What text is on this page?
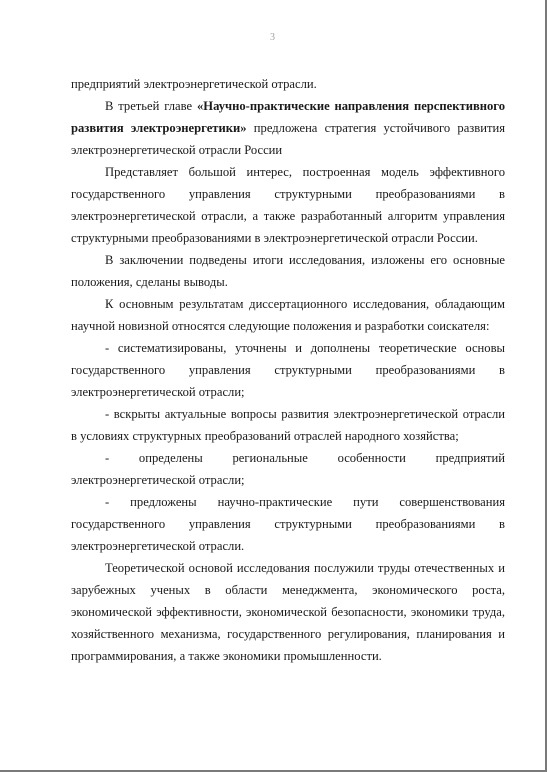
3

предприятий электроэнергетической отрасли.

В третьей главе «Научно-практические направления перспективного развития электроэнергетики» предложена стратегия устойчивого развития электроэнергетической отрасли России

Представляет большой интерес, построенная модель эффективного государственного управления структурными преобразованиями в электроэнергетической отрасли, а также разработанный алгоритм управления структурными преобразованиями в электроэнергетической отрасли России.

В заключении подведены итоги исследования, изложены его основные положения, сделаны выводы.

К основным результатам диссертационного исследования, обладающим научной новизной относятся следующие положения и разработки соискателя:

- систематизированы, уточнены и дополнены теоретические основы государственного управления структурными преобразованиями в электроэнергетической отрасли;

- вскрыты актуальные вопросы развития электроэнергетической отрасли в условиях структурных преобразований отраслей народного хозяйства;

- определены региональные особенности предприятий электроэнергетической отрасли;

- предложены научно-практические пути совершенствования государственного управления структурными преобразованиями в электроэнергетической отрасли.

Теоретической основой исследования послужили труды отечественных и зарубежных ученых в области менеджмента, экономического роста, экономической эффективности, экономической безопасности, экономики труда, хозяйственного механизма, государственного регулирования, планирования и программирования, а также экономики промышленности.
